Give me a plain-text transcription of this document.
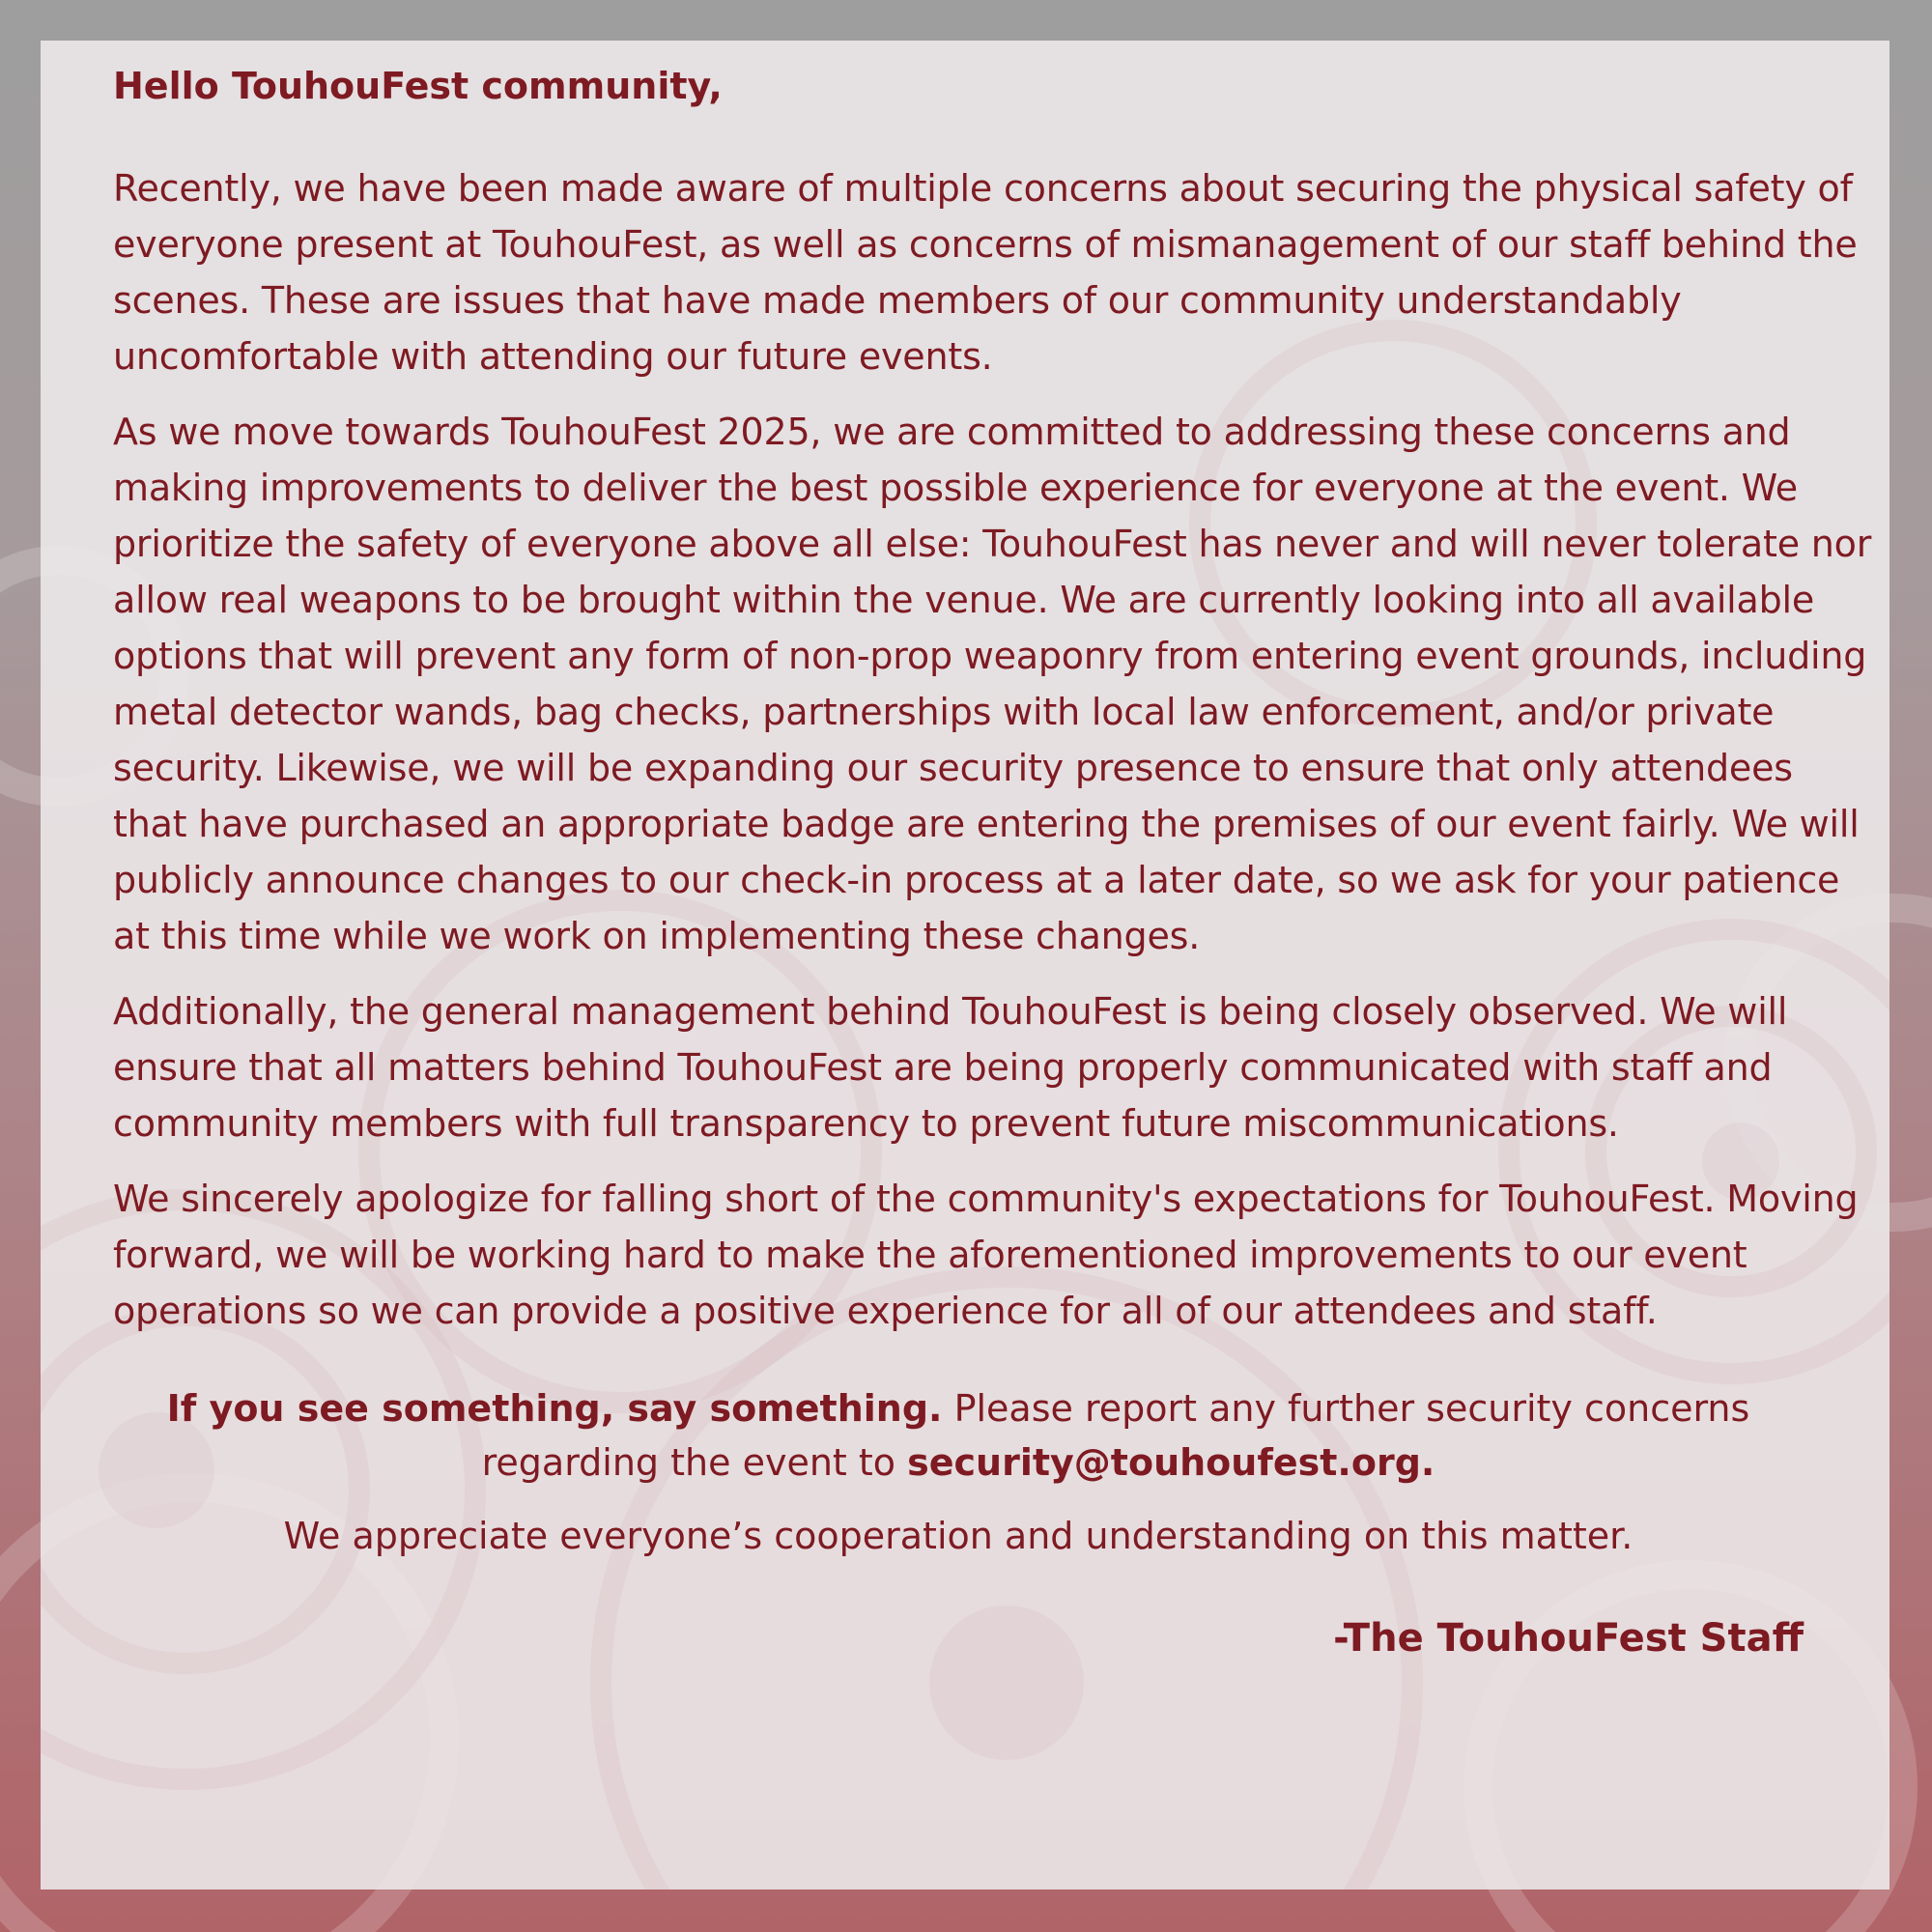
Hello TouhouFest community,

Recently, we have been made aware of multiple concerns about securing the physical safety of everyone present at TouhouFest, as well as concerns of mismanagement of our staff behind the scenes. These are issues that have made members of our community understandably uncomfortable with attending our future events.

As we move towards TouhouFest 2025, we are committed to addressing these concerns and making improvements to deliver the best possible experience for everyone at the event. We prioritize the safety of everyone above all else: TouhouFest has never and will never tolerate nor allow real weapons to be brought within the venue. We are currently looking into all available options that will prevent any form of non-prop weaponry from entering event grounds, including metal detector wands, bag checks, partnerships with local law enforcement, and/or private security. Likewise, we will be expanding our security presence to ensure that only attendees that have purchased an appropriate badge are entering the premises of our event fairly. We will publicly announce changes to our check-in process at a later date, so we ask for your patience at this time while we work on implementing these changes.

Additionally, the general management behind TouhouFest is being closely observed. We will ensure that all matters behind TouhouFest are being properly communicated with staff and community members with full transparency to prevent future miscommunications.

We sincerely apologize for falling short of the community's expectations for TouhouFest. Moving forward, we will be working hard to make the aforementioned improvements to our event operations so we can provide a positive experience for all of our attendees and staff.

If you see something, say something. Please report any further security concerns regarding the event to security@touhoufest.org.

We appreciate everyone’s cooperation and understanding on this matter.

-The TouhouFest Staff
